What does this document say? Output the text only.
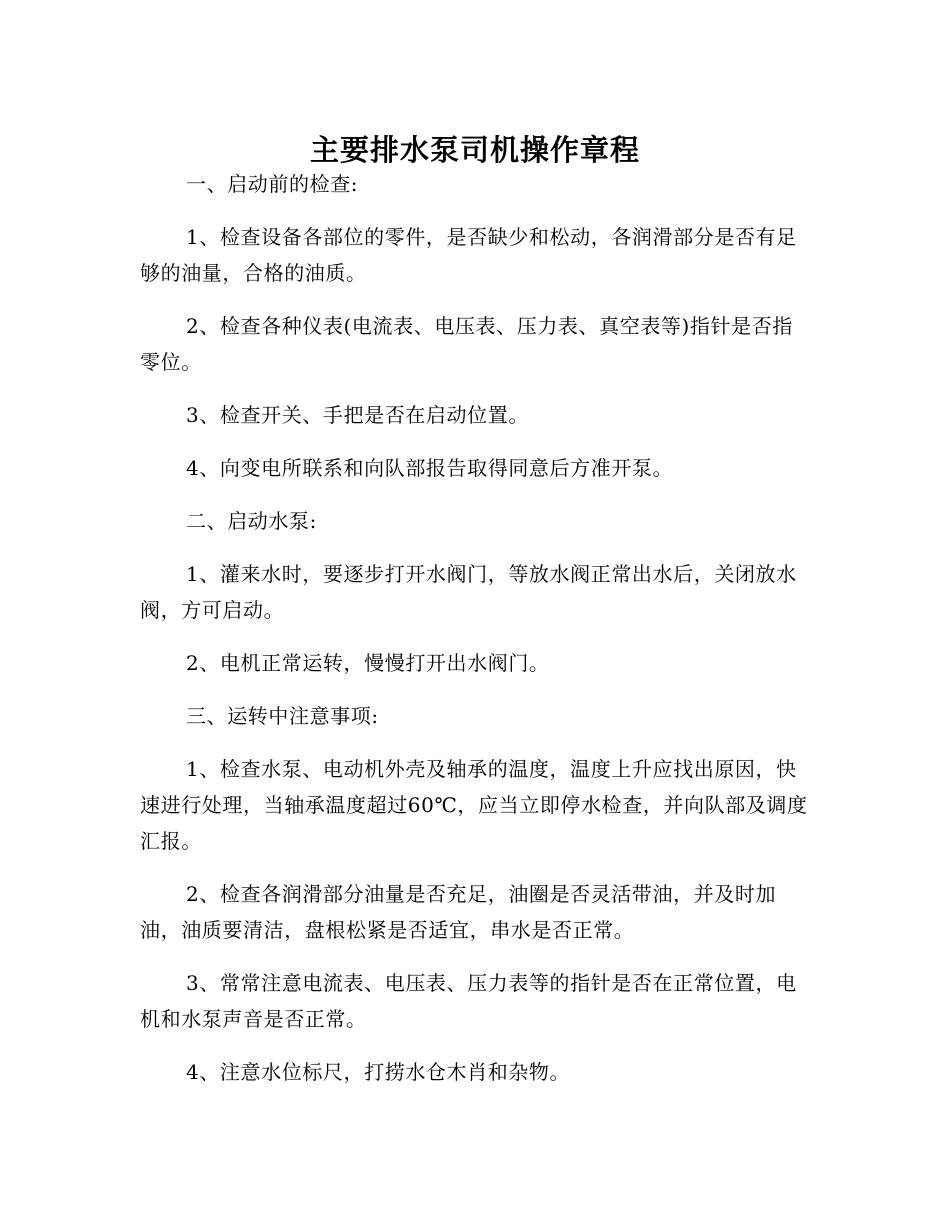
主要排水泵司机操作章程

一、启动前的检查:

1、检查设备各部位的零件，是否缺少和松动，各润滑部分是否有足够的油量，合格的油质。

2、检查各种仪表(电流表、电压表、压力表、真空表等)指针是否指零位。

3、检查开关、手把是否在启动位置。

4、向变电所联系和向队部报告取得同意后方准开泵。

二、启动水泵:

1、灌来水时，要逐步打开水阀门，等放水阀正常出水后，关闭放水阀，方可启动。

2、电机正常运转，慢慢打开出水阀门。

三、运转中注意事项:

1、检查水泵、电动机外壳及轴承的温度，温度上升应找出原因，快速进行处理，当轴承温度超过60℃，应当立即停水检查，并向队部及调度汇报。

2、检查各润滑部分油量是否充足，油圈是否灵活带油，并及时加油，油质要清洁，盘根松紧是否适宜，串水是否正常。

3、常常注意电流表、电压表、压力表等的指针是否在正常位置，电机和水泵声音是否正常。

4、注意水位标尺，打捞水仓木肖和杂物。
